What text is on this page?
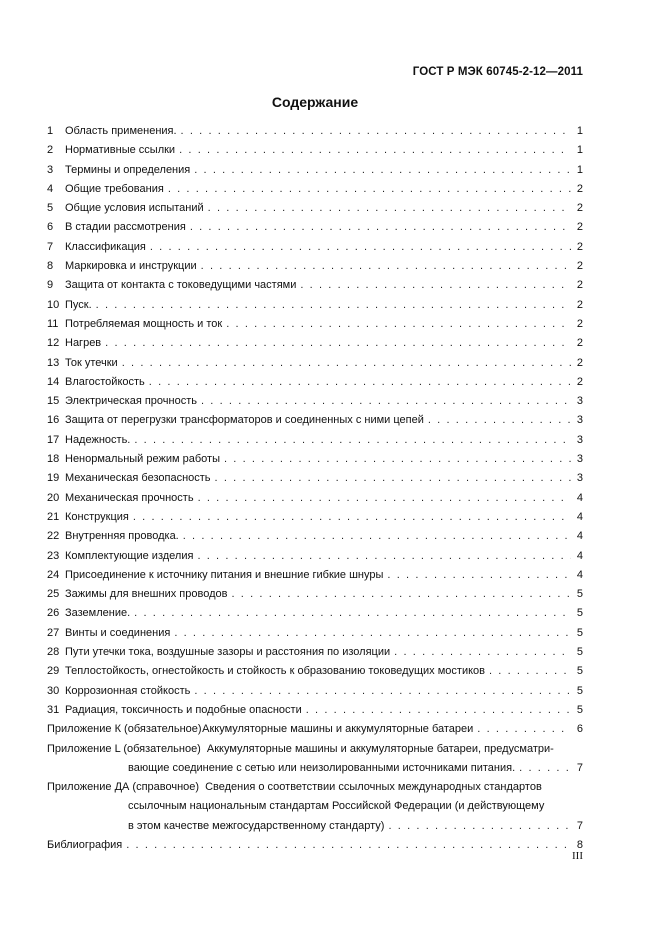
ГОСТ Р МЭК 60745-2-12—2011
Содержание
1	Область применения. . . .	1
2	Нормативные ссылки . . .	1
3	Термины и определения . . .	1
4	Общие требования . . .	2
5	Общие условия испытаний . . .	2
6	В стадии рассмотрения . . .	2
7	Классификация . . .	2
8	Маркировка и инструкции . . .	2
9	Защита от контакта с токоведущими частями . . .	2
10 Пуск. . . .	2
11 Потребляемая мощность и ток . . .	2
12 Нагрев . . .	2
13 Ток утечки . . .	2
14 Влагостойкость . . .	2
15 Электрическая прочность . . .	3
16 Защита от перегрузки трансформаторов и соединенных с ними цепей . . .	3
17 Надежность. . . .	3
18 Ненормальный режим работы . . .	3
19 Механическая безопасность . . .	3
20 Механическая прочность . . .	4
21 Конструкция . . .	4
22 Внутренняя проводка. . . .	4
23 Комплектующие изделия . . .	4
24 Присоединение к источнику питания и внешние гибкие шнуры . . .	4
25 Зажимы для внешних проводов . . .	5
26 Заземление. . . .	5
27 Винты и соединения . . .	5
28 Пути утечки тока, воздушные зазоры и расстояния по изоляции . . .	5
29 Теплостойкость, огнестойкость и стойкость к образованию токоведущих мостиков . . .	5
30 Коррозионная стойкость . . .	5
31 Радиация, токсичность и подобные опасности . . .	5
Приложение К (обязательное) Аккумуляторные машины и аккумуляторные батареи . . .	6
Приложение L (обязательное) Аккумуляторные машины и аккумуляторные батареи, предусматри-
вающие соединение с сетью или неизолированными источниками питания. . . .	7
Приложение ДА (справочное) Сведения о соответствии ссылочных международных стандартов
ссылочным национальным стандартам Российской Федерации (и действующему
в этом качестве межгосударственному стандарту) . . .	7
Библиография . . .	8
III
